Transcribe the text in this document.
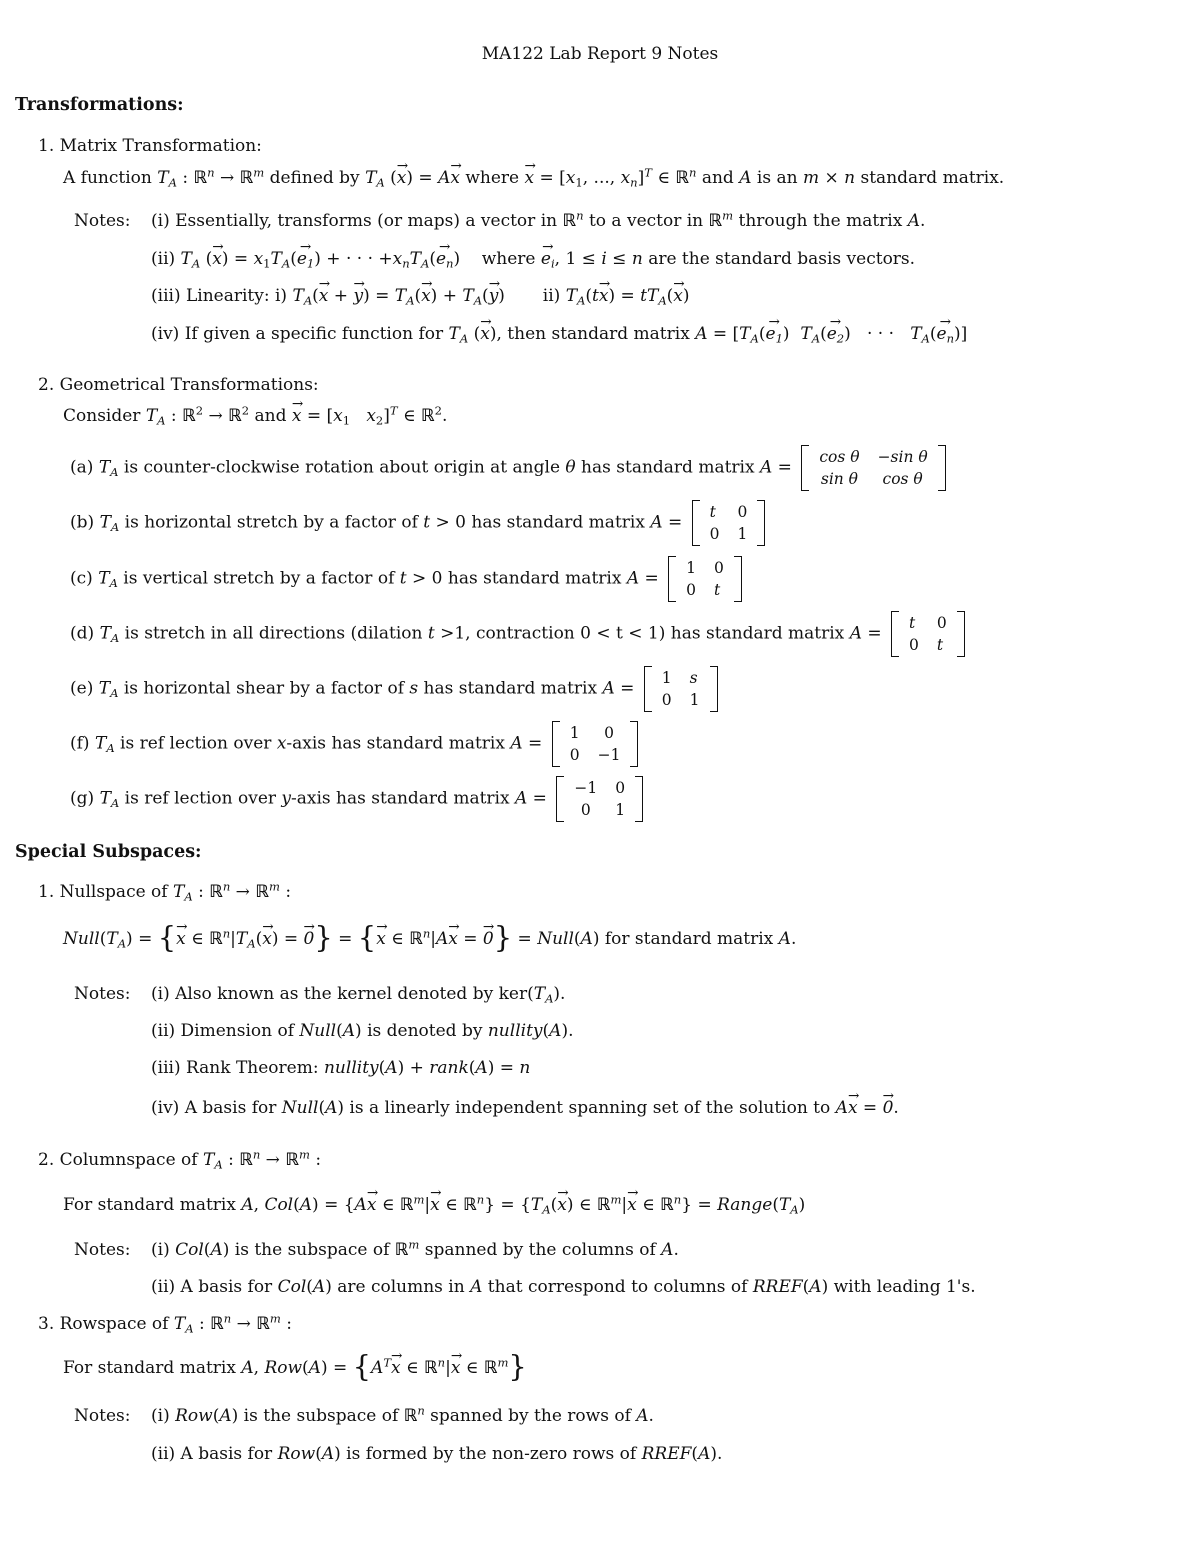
MA122 Lab Report 9 Notes
Transformations:
1. Matrix Transformation:
A function $T_A$ : ℝ$^n$ → ℝ$^m$ defined by $T_A$ (→ x) = A→ x where → $x = [x_1$, ..., $x_n]^T$ ∈ ℝ$^n$ and A is an m × n standard matrix.
Notes: (i) Essentially, transforms (or maps) a vector in ℝ$^n$ to a vector in ℝ$^m$ through the matrix A.
(ii) $T_A$ (→ $x) = x_1T_A(\to e_1)$ + · · · $+x_nT_A(\to e_n)$    where → $e_i$, 1 ≤ i ≤ n are the standard basis vectors.
(iii) Linearity: i) $T_A(\to x$ + → $y) = T_A(\to x) + T_A(\to y)$       ii) $T_A(t\to x) = tT_A(\to x)$
(iv) If given a specific function for $T_A$ (→ x), then standard matrix $A = [T_A(\to e_1)$  $T_A(\to e_2)$   · · ·   $T_A(\to e_n)$]
2. Geometrical Transformations:
Consider $T_A$ : ℝ$^2$ → ℝ$^2$ and → $x = [x_1$ $x_2]^T$ ∈ ℝ$^2$.
(a) $T_A$ is counter-clockwise rotation about origin at angle θ has standard matrix A =
cos θ −sin θ
sin θ	cos θ
(b) $T_A$ is horizontal stretch by a factor of t > 0 has standard matrix A =
t 0
0 1
(c) $T_A$ is vertical stretch by a factor of t > 0 has standard matrix A =
1 0
0 t
(d) $T_A$ is stretch in all directions (dilation t >1, contraction 0 < t < 1) has standard matrix A =
t 0
0 t
(e) $T_A$ is horizontal shear by a factor of s has standard matrix A =
1 s
0 1
(f) $T_A$ is ref lection over x-axis has standard matrix A =
1	0
0 −1
(g) $T_A$ is ref lection over y-axis has standard matrix A =
−1 0
0	1
Special Subspaces:
1. Nullspace of $T_A$ : ℝ$^n$ → ℝ$^m$ :
$Null(T_A)$ = {→ x ∈ $ℝ^n|T_A(\to x)$ = → 0} = {→ x ∈ ℝ$^n$|A→ x = → 0} = Null(A) for standard matrix A.
Notes: (i) Also known as the kernel denoted by $ker(T_A)$.
(ii) Dimension of Null(A) is denoted by nullity(A).
(iii) Rank Theorem: nullity(A) + rank(A) = n
(iv) A basis for Null(A) is a linearly independent spanning set of the solution to A→ x = → 0.
2. Columnspace of $T_A$ : ℝ$^n$ → ℝ$^m$ :
For standard matrix A, Col(A) = {A→ x ∈ ℝ$^m$|→ x ∈ ℝ$^n$} = {$T_A(\to x)$ ∈ ℝ$^m$|→ x ∈ ℝ$^n$} = $Range(T_A)$
Notes: (i) Col(A) is the subspace of ℝ$^m$ spanned by the columns of A.
(ii) A basis for Col(A) are columns in A that correspond to columns of RREF(A) with leading 1's.
3. Rowspace of $T_A$ : ℝ$^n$ → ℝ$^m$ :
For standard matrix A, $Row(A) = \{A^T\to x$ ∈ ℝ$^n$|→ x ∈ ℝ$^m$}
Notes: (i) Row(A) is the subspace of ℝ$^n$ spanned by the rows of A.
(ii) A basis for Row(A) is formed by the non-zero rows of RREF(A).
